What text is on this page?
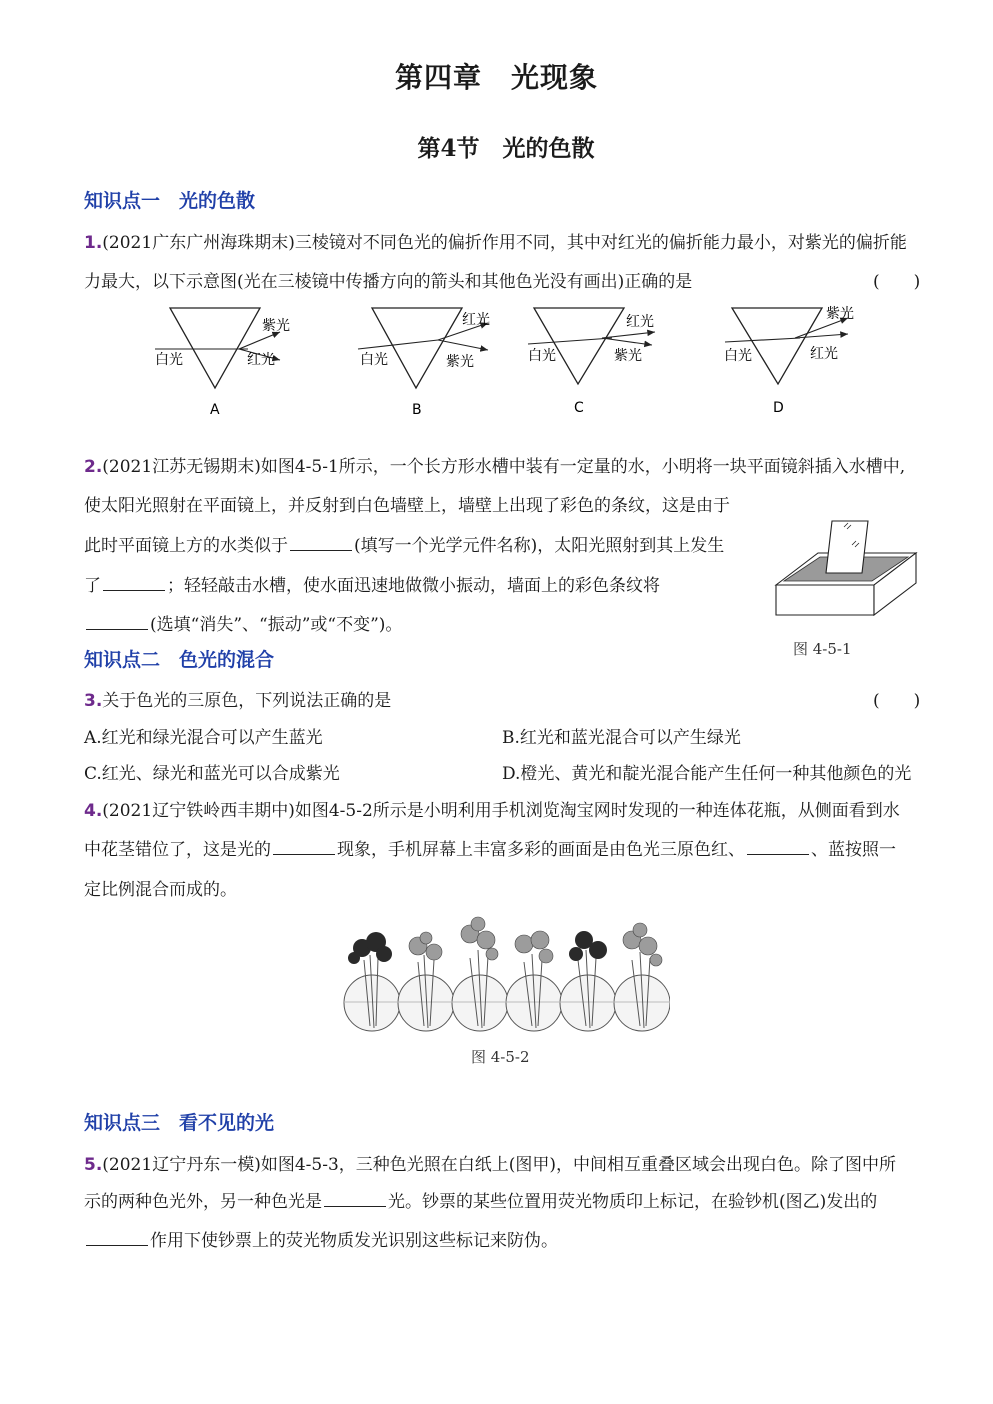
第四章　光现象
第4节　光的色散
知识点一　光的色散
1.(2021广东广州海珠期末)三棱镜对不同色光的偏折作用不同，其中对红光的偏折能力最小，对紫光的偏折能
力最大，以下示意图(光在三棱镜中传播方向的箭头和其他色光没有画出)正确的是	(　　)
白光
紫光
红光
A
白光
红光
紫光
B
白光
红光
紫光
C
白光
紫光
红光
D
2.(2021江苏无锡期末)如图4-5-1所示，一个长方形水槽中装有一定量的水，小明将一块平面镜斜插入水槽中,
使太阳光照射在平面镜上，并反射到白色墙壁上，墙壁上出现了彩色的条纹，这是由于
此时平面镜上方的水类似于	(填写一个光学元件名称)，太阳光照射到其上发生
了	；轻轻敲击水槽，使水面迅速地做微小振动，墙面上的彩色条纹将
(选填“消失”、“振动”或“不变”)。
图 4-5-1
知识点二　色光的混合
3.关于色光的三原色，下列说法正确的是	(　　)
A.红光和绿光混合可以产生蓝光	B.红光和蓝光混合可以产生绿光
C.红光、绿光和蓝光可以合成紫光	D.橙光、黄光和靛光混合能产生任何一种其他颜色的光
4.(2021辽宁铁岭西丰期中)如图4-5-2所示是小明利用手机浏览淘宝网时发现的一种连体花瓶，从侧面看到水
中花茎错位了，这是光的	现象，手机屏幕上丰富多彩的画面是由色光三原色红、	、蓝按照一
定比例混合而成的。
图 4-5-2
知识点三　看不见的光
5.(2021辽宁丹东一模)如图4-5-3，三种色光照在白纸上(图甲)，中间相互重叠区域会出现白色。除了图中所
示的两种色光外，另一种色光是	光。钞票的某些位置用荧光物质印上标记，在验钞机(图乙)发出的
作用下使钞票上的荧光物质发光识别这些标记来防伪。
